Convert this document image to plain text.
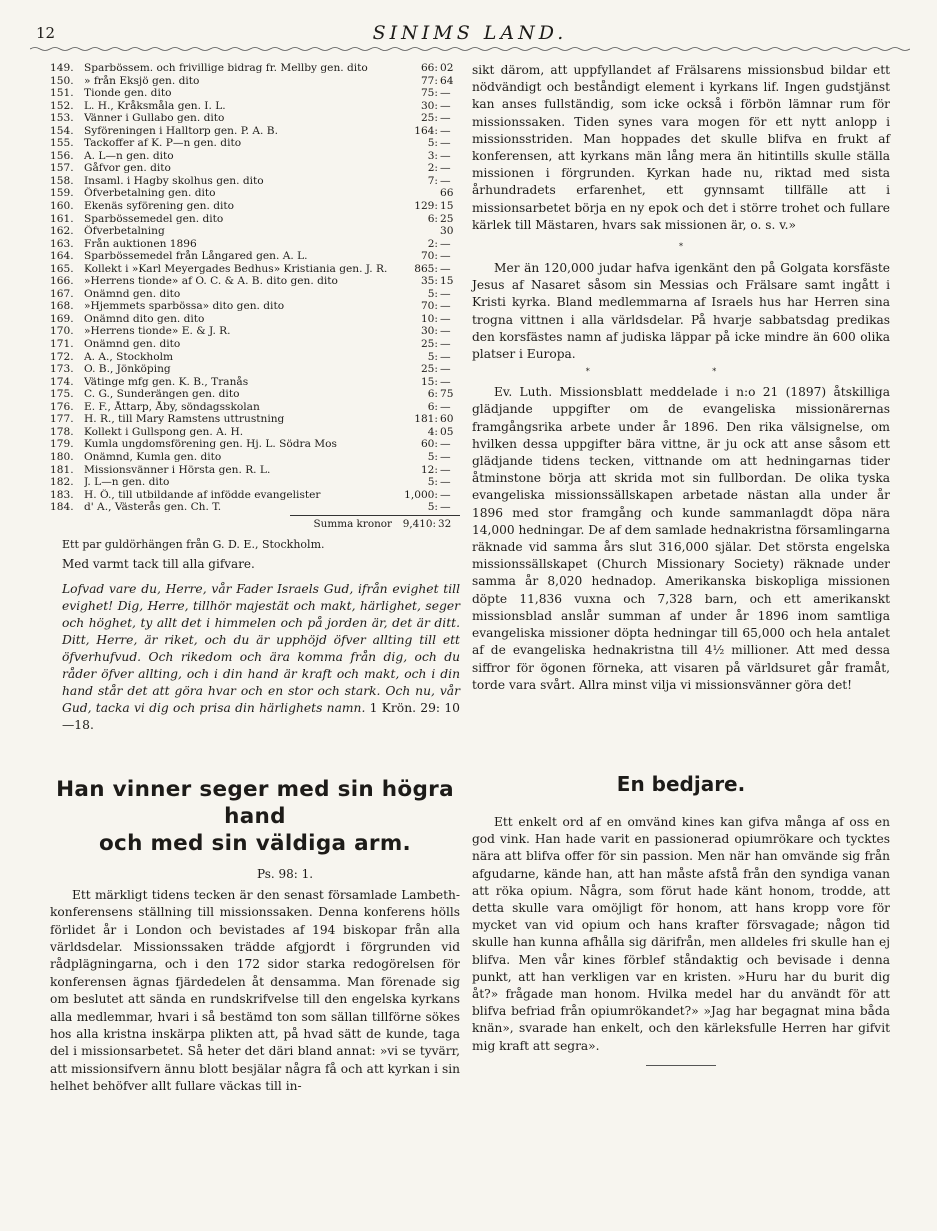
12	SINIMS LAND.
149. Sparbössem. och frivillige bidrag fr. Mellby gen. dito	66: 02
150. » från Eksjö gen. dito	77: 64
151. Tionde gen. dito	75: —
152. L. H., Kråksmåla gen. I. L.	30: —
153. Vänner i Gullabo gen. dito	25: —
154. Syföreningen i Halltorp gen. P. A. B.	164: —
155. Tackoffer af K. P—n gen. dito	5: —
156. A. L—n gen. dito	3: —
157. Gåfvor gen. dito	2: —
158. Insaml. i Hagby skolhus gen. dito	7: —
159. Öfverbetalning gen. dito	66
160. Ekenäs syförening gen. dito	129: 15
161. Sparbössemedel gen. dito	6: 25
162. Öfverbetalning	30
163. Från auktionen 1896	2: —
164. Sparbössemedel från Långared gen. A. L.	70: —
165. Kollekt i »Karl Meyergades Bedhus» Kristiania gen. J. R.	865: —
166. »Herrens tionde» af O. C. & A. B. dito gen. dito	35: 15
167. Onämnd gen. dito	5: —
168. »Hjemmets sparbössa» dito gen. dito	70: —
169. Onämnd dito gen. dito	10: —
170. »Herrens tionde» E. & J. R.	30: —
171. Onämnd gen. dito	25: —
172. A. A., Stockholm	5: —
173. O. B., Jönköping	25: —
174. Vätinge mfg gen. K. B., Tranås	15: —
175. C. G., Sunderängen gen. dito	6: 75
176. E. F., Åttarp, Åby, söndagsskolan	6: —
177. H. R., till Mary Ramstens uttrustning	181: 60
178. Kollekt i Gullspong gen. A. H.	4: 05
179. Kumla ungdomsförening gen. Hj. L. Södra Mos	60: —
180. Onämnd, Kumla gen. dito	5: —
181. Missionsvänner i Hörsta gen. R. L.	12: —
182. J. L—n gen. dito	5: —
183. H. Ö., till utbildande af infödde evangelister	1,000: —
184. d' A., Västerås gen. Ch. T.	5: —
Summa kronor 9,410: 32

Ett par guldörhängen från G. D. E., Stockholm.

Med varmt tack till alla gifvare.

Lofvad vare du, Herre, vår Fader Israels Gud, ifrån evighet till evighet! Dig, Herre, tillhör majestät och makt, härlighet, seger och höghet, ty allt det i himmelen och på jorden är, det är ditt. Ditt, Herre, är riket, och du är upphöjd öfver allting till ett öfverhufvud. Och rikedom och ära komma från dig, och du råder öfver allting, och i din hand är kraft och makt, och i din hand står det att göra hvar och en stor och stark. Och nu, vår Gud, tacka vi dig och prisa din härlighets namn. 1 Krön. 29: 10—18.

Han vinner seger med sin högra hand
och med sin väldiga arm.
Ps. 98: 1.

Ett märkligt tidens tecken är den senast församlade Lambeth-konferensens ställning till missionssaken. Denna konferens hölls förlidet år i London och bevistades af 194 biskopar från alla världsdelar. Missionssaken trädde afgjordt i förgrunden vid rådplägningarna, och i den 172 sidor starka redogörelsen för konferensen ägnas fjärdedelen åt densamma. Man förenade sig om beslutet att sända en rundskrifvelse till den engelska kyrkans alla medlemmar, hvari i så bestämd ton som sällan tillförne sökes hos alla kristna inskärpa plikten att, på hvad sätt de kunde, taga del i missionsarbetet. Så heter det däri bland annat: »vi se tyvärr, att missionsifvern ännu blott besjälar några få och att kyrkan i sin helhet behöfver allt fullare väckas till in-

sikt därom, att uppfyllandet af Frälsarens missionsbud bildar ett nödvändigt och beståndigt element i kyrkans lif. Ingen gudstjänst kan anses fullständig, som icke också i förbön lämnar rum för missionssaken. Tiden synes vara mogen för ett nytt anlopp i missionsstriden. Man hoppades det skulle blifva en frukt af konferensen, att kyrkans män lång mera än hitintills skulle ställa missionen i förgrunden. Kyrkan hade nu, riktad med sista århundradets erfarenhet, ett gynnsamt tillfälle att i missionsarbetet börja en ny epok och det i större trohet och fullare kärlek till Mästaren, hvars sak missionen är, o. s. v.»

*

Mer än 120,000 judar hafva igenkänt den på Golgata korsfäste Jesus af Nasaret såsom sin Messias och Frälsare samt ingått i Kristi kyrka. Bland medlemmarna af Israels hus har Herren sina trogna vittnen i alla världsdelar. På hvarje sabbatsdag predikas den korsfästes namn af judiska läppar på icke mindre än 600 olika platser i Europa.

* *

Ev. Luth. Missionsblatt meddelade i n:o 21 (1897) åtskilliga glädjande uppgifter om de evangeliska missionärernas framgångsrika arbete under år 1896. Den rika välsignelse, om hvilken dessa uppgifter bära vittne, är ju ock att anse såsom ett glädjande tidens tecken, vittnande om att hedningarnas tider åtminstone börja att skrida mot sin fullbordan. De olika tyska evangeliska missionssällskapen arbetade nästan alla under år 1896 med stor framgång och kunde sammanlagdt döpa nära 14,000 hedningar. De af dem samlade hednakristna församlingarna räknade vid samma års slut 316,000 själar. Det största engelska missionssällskapet (Church Missionary Society) räknade under samma år 8,020 hednadop. Amerikanska biskopliga missionen döpte 11,836 vuxna och 7,328 barn, och ett amerikanskt missionsblad anslår summan af under år 1896 inom samtliga evangeliska missioner döpta hedningar till 65,000 och hela antalet af de evangeliska hednakristna till 4½ millioner. Att med dessa siffror för ögonen förneka, att visaren på världsuret går framåt, torde vara svårt. Allra minst vilja vi missionsvänner göra det!

En bedjare.

Ett enkelt ord af en omvänd kines kan gifva många af oss en god vink. Han hade varit en passionerad opiumrökare och tycktes nära att blifva offer för sin passion. Men när han omvände sig från afgudarne, kände han, att han måste afstå från den syndiga vanan att röka opium. Några, som förut hade känt honom, trodde, att detta skulle vara omöjligt för honom, att hans kropp vore för mycket van vid opium och hans krafter försvagade; någon tid skulle han kunna afhålla sig därifrån, men alldeles fri skulle han ej blifva. Men vår kines förblef ståndaktig och bevisade i denna punkt, att han verkligen var en kristen. »Huru har du burit dig åt?» frågade man honom. Hvilka medel har du användt för att blifva befriad från opiumrökandet?» »Jag har begagnat mina båda knän», svarade han enkelt, och den kärleksfulle Herren har gifvit mig kraft att segra».
